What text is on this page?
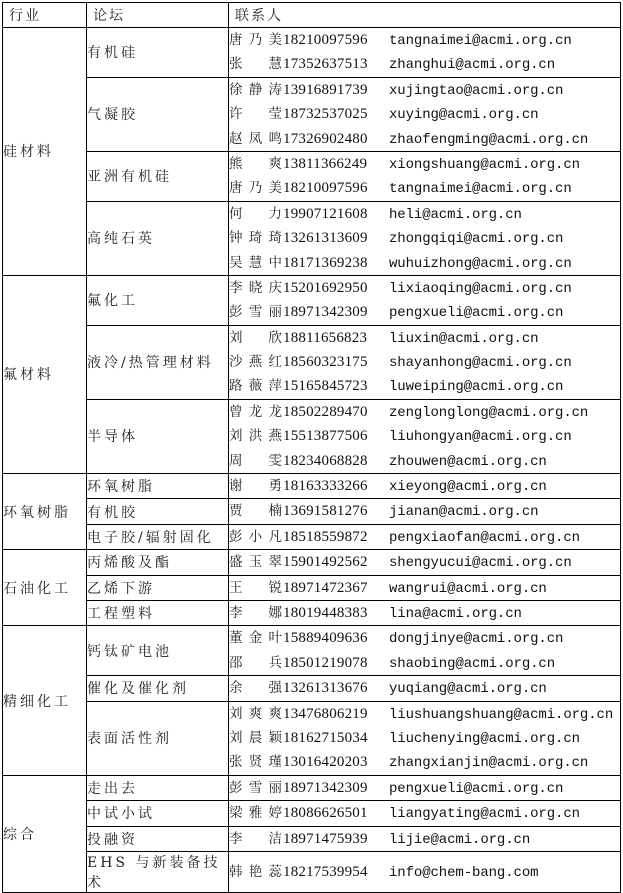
行业	论坛	联系人
硅材料	有机硅	唐乃美18210097596 tangnaimei@acmi.org.cn
张 慧17352637513 zhanghui@acmi.org.cn

	气凝胶	徐静涛13916891739 xujingtao@acmi.org.cn
许 莹18732537025 xuying@acmi.org.cn
赵凤鸣17326902480 zhaofengming@acmi.org.cn

	亚洲有机硅	熊 爽13811366249 xiongshuang@acmi.org.cn
唐乃美18210097596 tangnaimei@acmi.org.cn

	高纯石英	何 力19907121608 heli@acmi.org.cn
钟琦琦13261313609 zhongqiqi@acmi.org.cn
吴慧中18171369238 wuhuizhong@acmi.org.cn

氟材料	氟化工	李晓庆15201692950 lixiaoqing@acmi.org.cn
彭雪丽18971342309 pengxueli@acmi.org.cn

	液冷/热管理材料	刘 欣18811656823 liuxin@acmi.org.cn
沙燕红18560323175 shayanhong@acmi.org.cn
路薇萍15165845723 luweiping@acmi.org.cn

	半导体	曾龙龙18502289470 zenglonglong@acmi.org.cn
刘洪燕15513877506 liuhongyan@acmi.org.cn
周 雯18234068828 zhouwen@acmi.org.cn

环氧树脂	环氧树脂	谢 勇18163333266 xieyong@acmi.org.cn

	有机胶	贾 楠13691581276 jianan@acmi.org.cn

	电子胶/辐射固化	彭小凡18518559872 pengxiaofan@acmi.org.cn

石油化工	丙烯酸及酯	盛玉翠15901492562 shengyucui@acmi.org.cn

	乙烯下游	王 锐18971472367 wangrui@acmi.org.cn

	工程塑料	李 娜18019448383 lina@acmi.org.cn

精细化工	钙钛矿电池	董金叶15889409636 dongjinye@acmi.org.cn
邵 兵18501219078 shaobing@acmi.org.cn

	催化及催化剂	余 强13261313676 yuqiang@acmi.org.cn

	表面活性剂	刘爽爽13476806219 liushuangshuang@acmi.org.cn
刘晨颖18162715034 liuchenying@acmi.org.cn
张贤瑾13016420203 zhangxianjin@acmi.org.cn

综合	走出去	彭雪丽18971342309 pengxueli@acmi.org.cn

	中试小试	梁雅婷18086626501 liangyating@acmi.org.cn

	投融资	李 洁18971475939 lijie@acmi.org.cn

	EHS 与新装备技术	韩艳蕊18217539954 info@chem-bang.com
